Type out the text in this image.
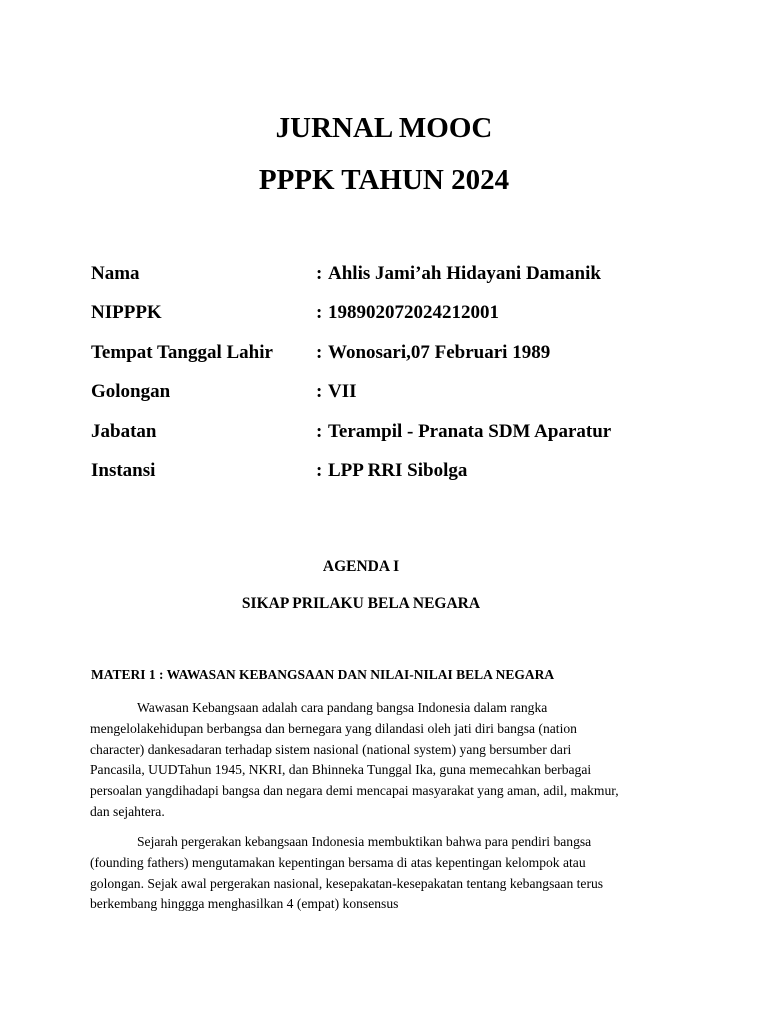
JURNAL MOOC
PPPK TAHUN 2024
Nama	: Ahlis Jami’ah Hidayani Damanik
NIPPPK	: 198902072024212001
Tempat Tanggal Lahir	: Wonosari,07 Februari 1989
Golongan	: VII
Jabatan	: Terampil - Pranata SDM Aparatur
Instansi	: LPP RRI Sibolga
AGENDA I
SIKAP PRILAKU BELA NEGARA
MATERI 1 : WAWASAN KEBANGSAAN DAN NILAI-NILAI BELA NEGARA

Wawasan Kebangsaan adalah cara pandang bangsa Indonesia dalam rangka
mengelolakehidupan berbangsa dan bernegara yang dilandasi oleh jati diri bangsa (nation
character) dankesadaran terhadap sistem nasional (national system) yang bersumber dari
Pancasila, UUDTahun 1945, NKRI, dan Bhinneka Tunggal Ika, guna memecahkan berbagai
persoalan yangdihadapi bangsa dan negara demi mencapai masyarakat yang aman, adil, makmur,
dan sejahtera.

Sejarah pergerakan kebangsaan Indonesia membuktikan bahwa para pendiri bangsa
(founding fathers) mengutamakan kepentingan bersama di atas kepentingan kelompok atau
golongan. Sejak awal pergerakan nasional, kesepakatan-kesepakatan tentang kebangsaan terus
berkembang hinggga menghasilkan 4 (empat) konsensus
